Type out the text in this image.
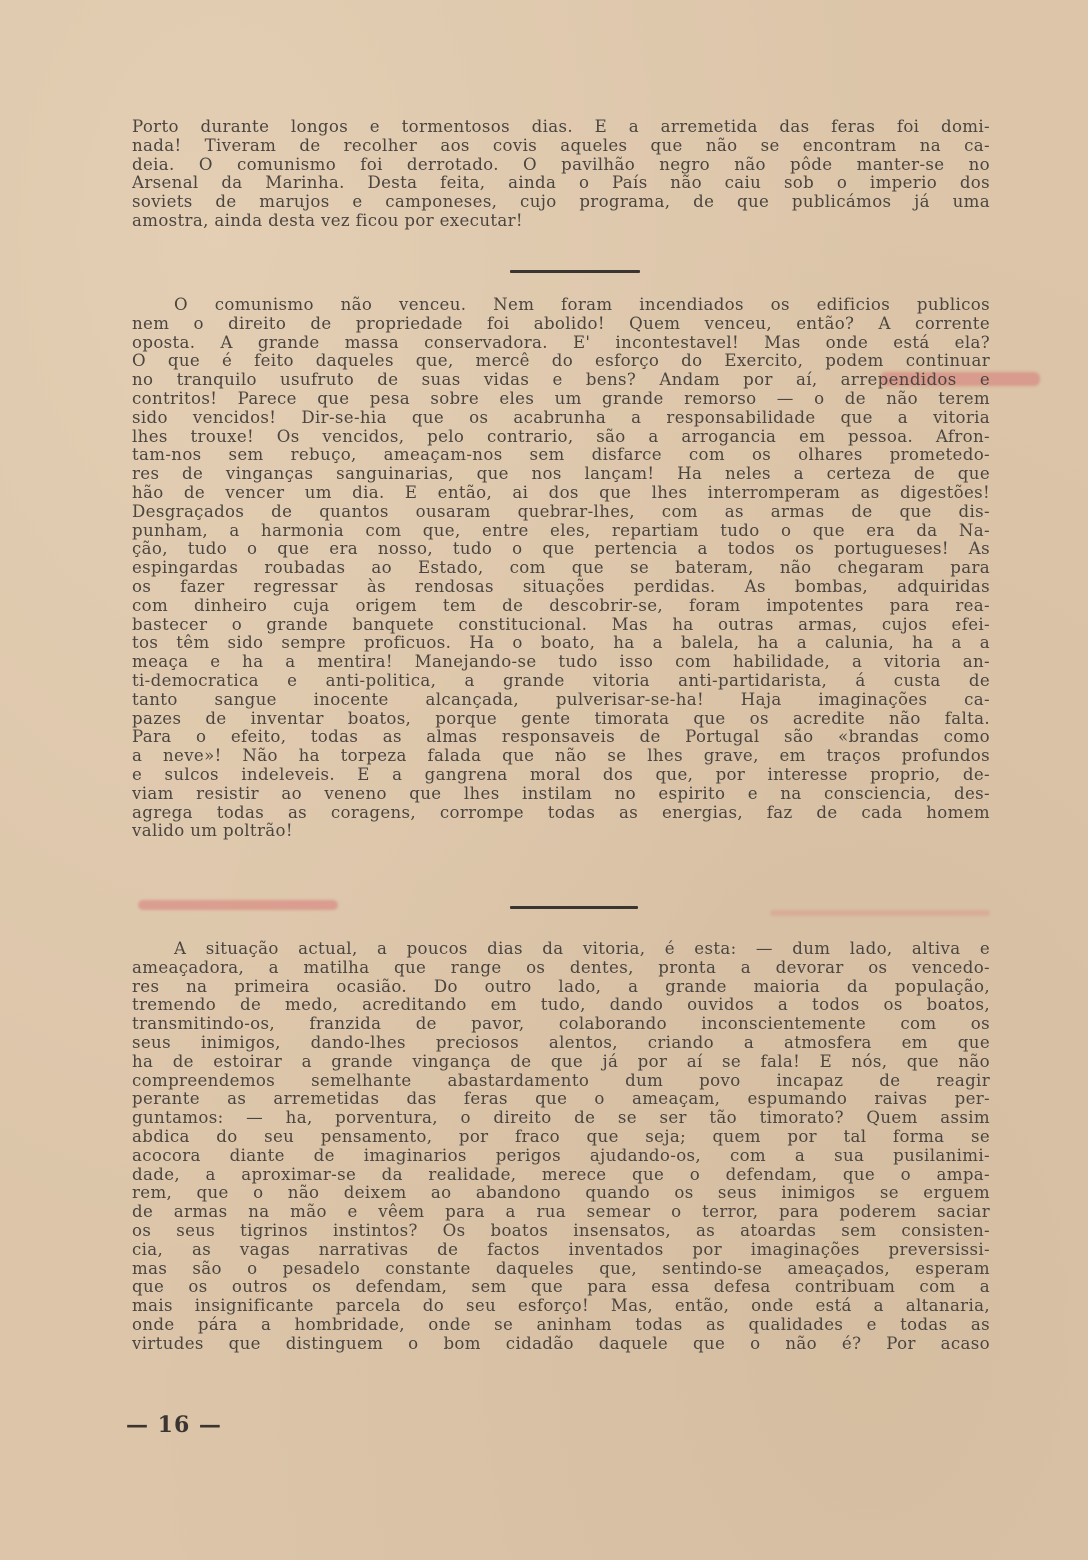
Porto durante longos e tormentosos dias. E a arremetida das feras foi domi-
nada! Tiveram de recolher aos covis aqueles que não se encontram na ca-
deia. O comunismo foi derrotado. O pavilhão negro não pôde manter-se no
Arsenal da Marinha. Desta feita, ainda o País não caiu sob o imperio dos
soviets de marujos e camponeses, cujo programa, de que publicámos já uma
amostra, ainda desta vez ficou por executar!
O comunismo não venceu. Nem foram incendiados os edificios publicos
nem o direito de propriedade foi abolido! Quem venceu, então? A corrente
oposta. A grande massa conservadora. E' incontestavel! Mas onde está ela?
O que é feito daqueles que, mercê do esforço do Exercito, podem continuar
no tranquilo usufruto de suas vidas e bens? Andam por aí, arrependidos e
contritos! Parece que pesa sobre eles um grande remorso — o de não terem
sido vencidos! Dir-se-hia que os acabrunha a responsabilidade que a vitoria
lhes trouxe! Os vencidos, pelo contrario, são a arrogancia em pessoa. Afron-
tam-nos sem rebuço, ameaçam-nos sem disfarce com os olhares prometedo-
res de vinganças sanguinarias, que nos lançam! Ha neles a certeza de que
hão de vencer um dia. E então, ai dos que lhes interromperam as digestões!
Desgraçados de quantos ousaram quebrar-lhes, com as armas de que dis-
punham, a harmonia com que, entre eles, repartiam tudo o que era da Na-
ção, tudo o que era nosso, tudo o que pertencia a todos os portugueses! As
espingardas roubadas ao Estado, com que se bateram, não chegaram para
os fazer regressar às rendosas situações perdidas. As bombas, adquiridas
com dinheiro cuja origem tem de descobrir-se, foram impotentes para rea-
bastecer o grande banquete constitucional. Mas ha outras armas, cujos efei-
tos têm sido sempre proficuos. Ha o boato, ha a balela, ha a calunia, ha a a
meaça e ha a mentira! Manejando-se tudo isso com habilidade, a vitoria an-
ti-democratica e anti-politica, a grande vitoria anti-partidarista, á custa de
tanto sangue inocente alcançada, pulverisar-se-ha! Haja imaginações ca-
pazes de inventar boatos, porque gente timorata que os acredite não falta.
Para o efeito, todas as almas responsaveis de Portugal são «brandas como
a neve»! Não ha torpeza falada que não se lhes grave, em traços profundos
e sulcos indeleveis. E a gangrena moral dos que, por interesse proprio, de-
viam resistir ao veneno que lhes instilam no espirito e na consciencia, des-
agrega todas as coragens, corrompe todas as energias, faz de cada homem
valido um poltrão!
A situação actual, a poucos dias da vitoria, é esta: — dum lado, altiva e
ameaçadora, a matilha que range os dentes, pronta a devorar os vencedo-
res na primeira ocasião. Do outro lado, a grande maioria da população,
tremendo de medo, acreditando em tudo, dando ouvidos a todos os boatos,
transmitindo-os, franzida de pavor, colaborando inconscientemente com os
seus inimigos, dando-lhes preciosos alentos, criando a atmosfera em que
ha de estoirar a grande vingança de que já por aí se fala! E nós, que não
compreendemos semelhante abastardamento dum povo incapaz de reagir
perante as arremetidas das feras que o ameaçam, espumando raivas per-
guntamos: — ha, porventura, o direito de se ser tão timorato? Quem assim
abdica do seu pensamento, por fraco que seja; quem por tal forma se
acocora diante de imaginarios perigos ajudando-os, com a sua pusilanimi-
dade, a aproximar-se da realidade, merece que o defendam, que o ampa-
rem, que o não deixem ao abandono quando os seus inimigos se erguem
de armas na mão e vêem para a rua semear o terror, para poderem saciar
os seus tigrinos instintos? Os boatos insensatos, as atoardas sem consisten-
cia, as vagas narrativas de factos inventados por imaginações preversissi-
mas são o pesadelo constante daqueles que, sentindo-se ameaçados, esperam
que os outros os defendam, sem que para essa defesa contribuam com a
mais insignificante parcela do seu esforço! Mas, então, onde está a altanaria,
onde pára a hombridade, onde se aninham todas as qualidades e todas as
virtudes que distinguem o bom cidadão daquele que o não é? Por acaso
— 16 —
